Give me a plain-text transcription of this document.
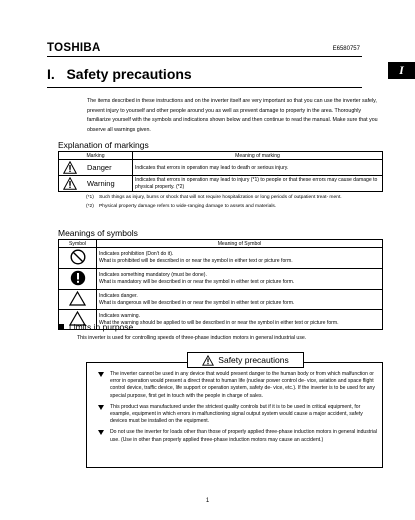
TOSHIBA	E6580757
I.   Safety precautions	I
The items described in these instructions and on the inverter itself are very important so that you can use the inverter safely, prevent injury to yourself and other people around you as well as prevent damage to property in the area. Thoroughly familiarize yourself with the symbols and indications shown below and then continue to read the manual. Make sure that you observe all warnings given.
Explanation of markings
Marking	Meaning of marking

Danger	Indicates that errors in operation may lead to death or serious injury.

Warning	Indicates that errors in operation may lead to injury (*1) to people or that these errors may cause damage to physical property. (*2)
(*1)	Such things as injury, burns or shock that will not require hospitalization or long periods of outpatient treat- ment.
(*2)	Physical property damage refers to wide-ranging damage to assets and materials.
Meanings of symbols
Symbol	Meaning of Symbol

Indicates prohibition (Don't do it).
What is prohibited will be described in or near the symbol in either text or picture form.

Indicates something mandatory (must be done).
What is mandatory will be described in or near the symbol in either text or picture form.

Indicates danger.
What is dangerous will be described in or near the symbol in either text or picture form.

Indicates warning.
What the warning should be applied to will be described in or near the symbol in either text or picture form.
Limits in purpose
This inverter is used for controlling speeds of three-phase induction motors in general industrial use.
Safety precautions
The inverter cannot be used in any device that would present danger to the human body or from which malfunction or error in operation would present a direct threat to human life (nuclear power control de- vice, aviation and space flight control device, traffic device, life support or operation system, safety de- vice, etc.). If the inverter is to be used for any special purpose, first get in touch with the people in charge of sales.
This product was manufactured under the strictest quality controls but if it is to be used in critical equipment, for example, equipment in which errors in malfunctioning signal output system would cause a major accident, safety devices must be installed on the equipment.
Do not use the inverter for loads other than those of properly applied three-phase induction motors in general industrial use. (Use in other than properly applied three-phase induction motors may cause an accident.)
1
